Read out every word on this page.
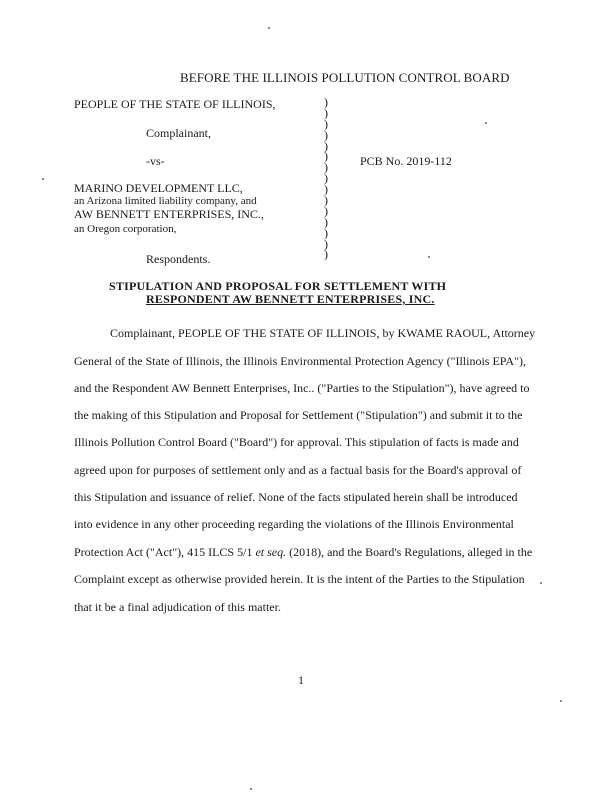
BEFORE THE ILLINOIS POLLUTION CONTROL BOARD
PEOPLE OF THE STATE OF ILLINOIS,
Complainant,
-vs-
MARINO DEVELOPMENT LLC,
an Arizona limited liability company, and
AW BENNETT ENTERPRISES, INC.,
an Oregon corporation,
Respondents.
)
)
)
)
)
)
)
)
)
)
)
)
)
)
)
PCB No. 2019-112
STIPULATION AND PROPOSAL FOR SETTLEMENT WITH
RESPONDENT AW BENNETT ENTERPRISES, INC.
Complainant, PEOPLE OF THE STATE OF ILLINOIS, by KWAME RAOUL, Attorney
General of the State of Illinois, the Illinois Environmental Protection Agency ("Illinois EPA"),
and the Respondent AW Bennett Enterprises, Inc.. ("Parties to the Stipulation"), have agreed to
the making of this Stipulation and Proposal for Settlement ("Stipulation") and submit it to the
Illinois Pollution Control Board ("Board") for approval. This stipulation of facts is made and
agreed upon for purposes of settlement only and as a factual basis for the Board's approval of
this Stipulation and issuance of relief. None of the facts stipulated herein shall be introduced
into evidence in any other proceeding regarding the violations of the Illinois Environmental
Protection Act ("Act"), 415 ILCS 5/1 et seq. (2018), and the Board's Regulations, alleged in the
Complaint except as otherwise provided herein. It is the intent of the Parties to the Stipulation
that it be a final adjudication of this matter.
1
